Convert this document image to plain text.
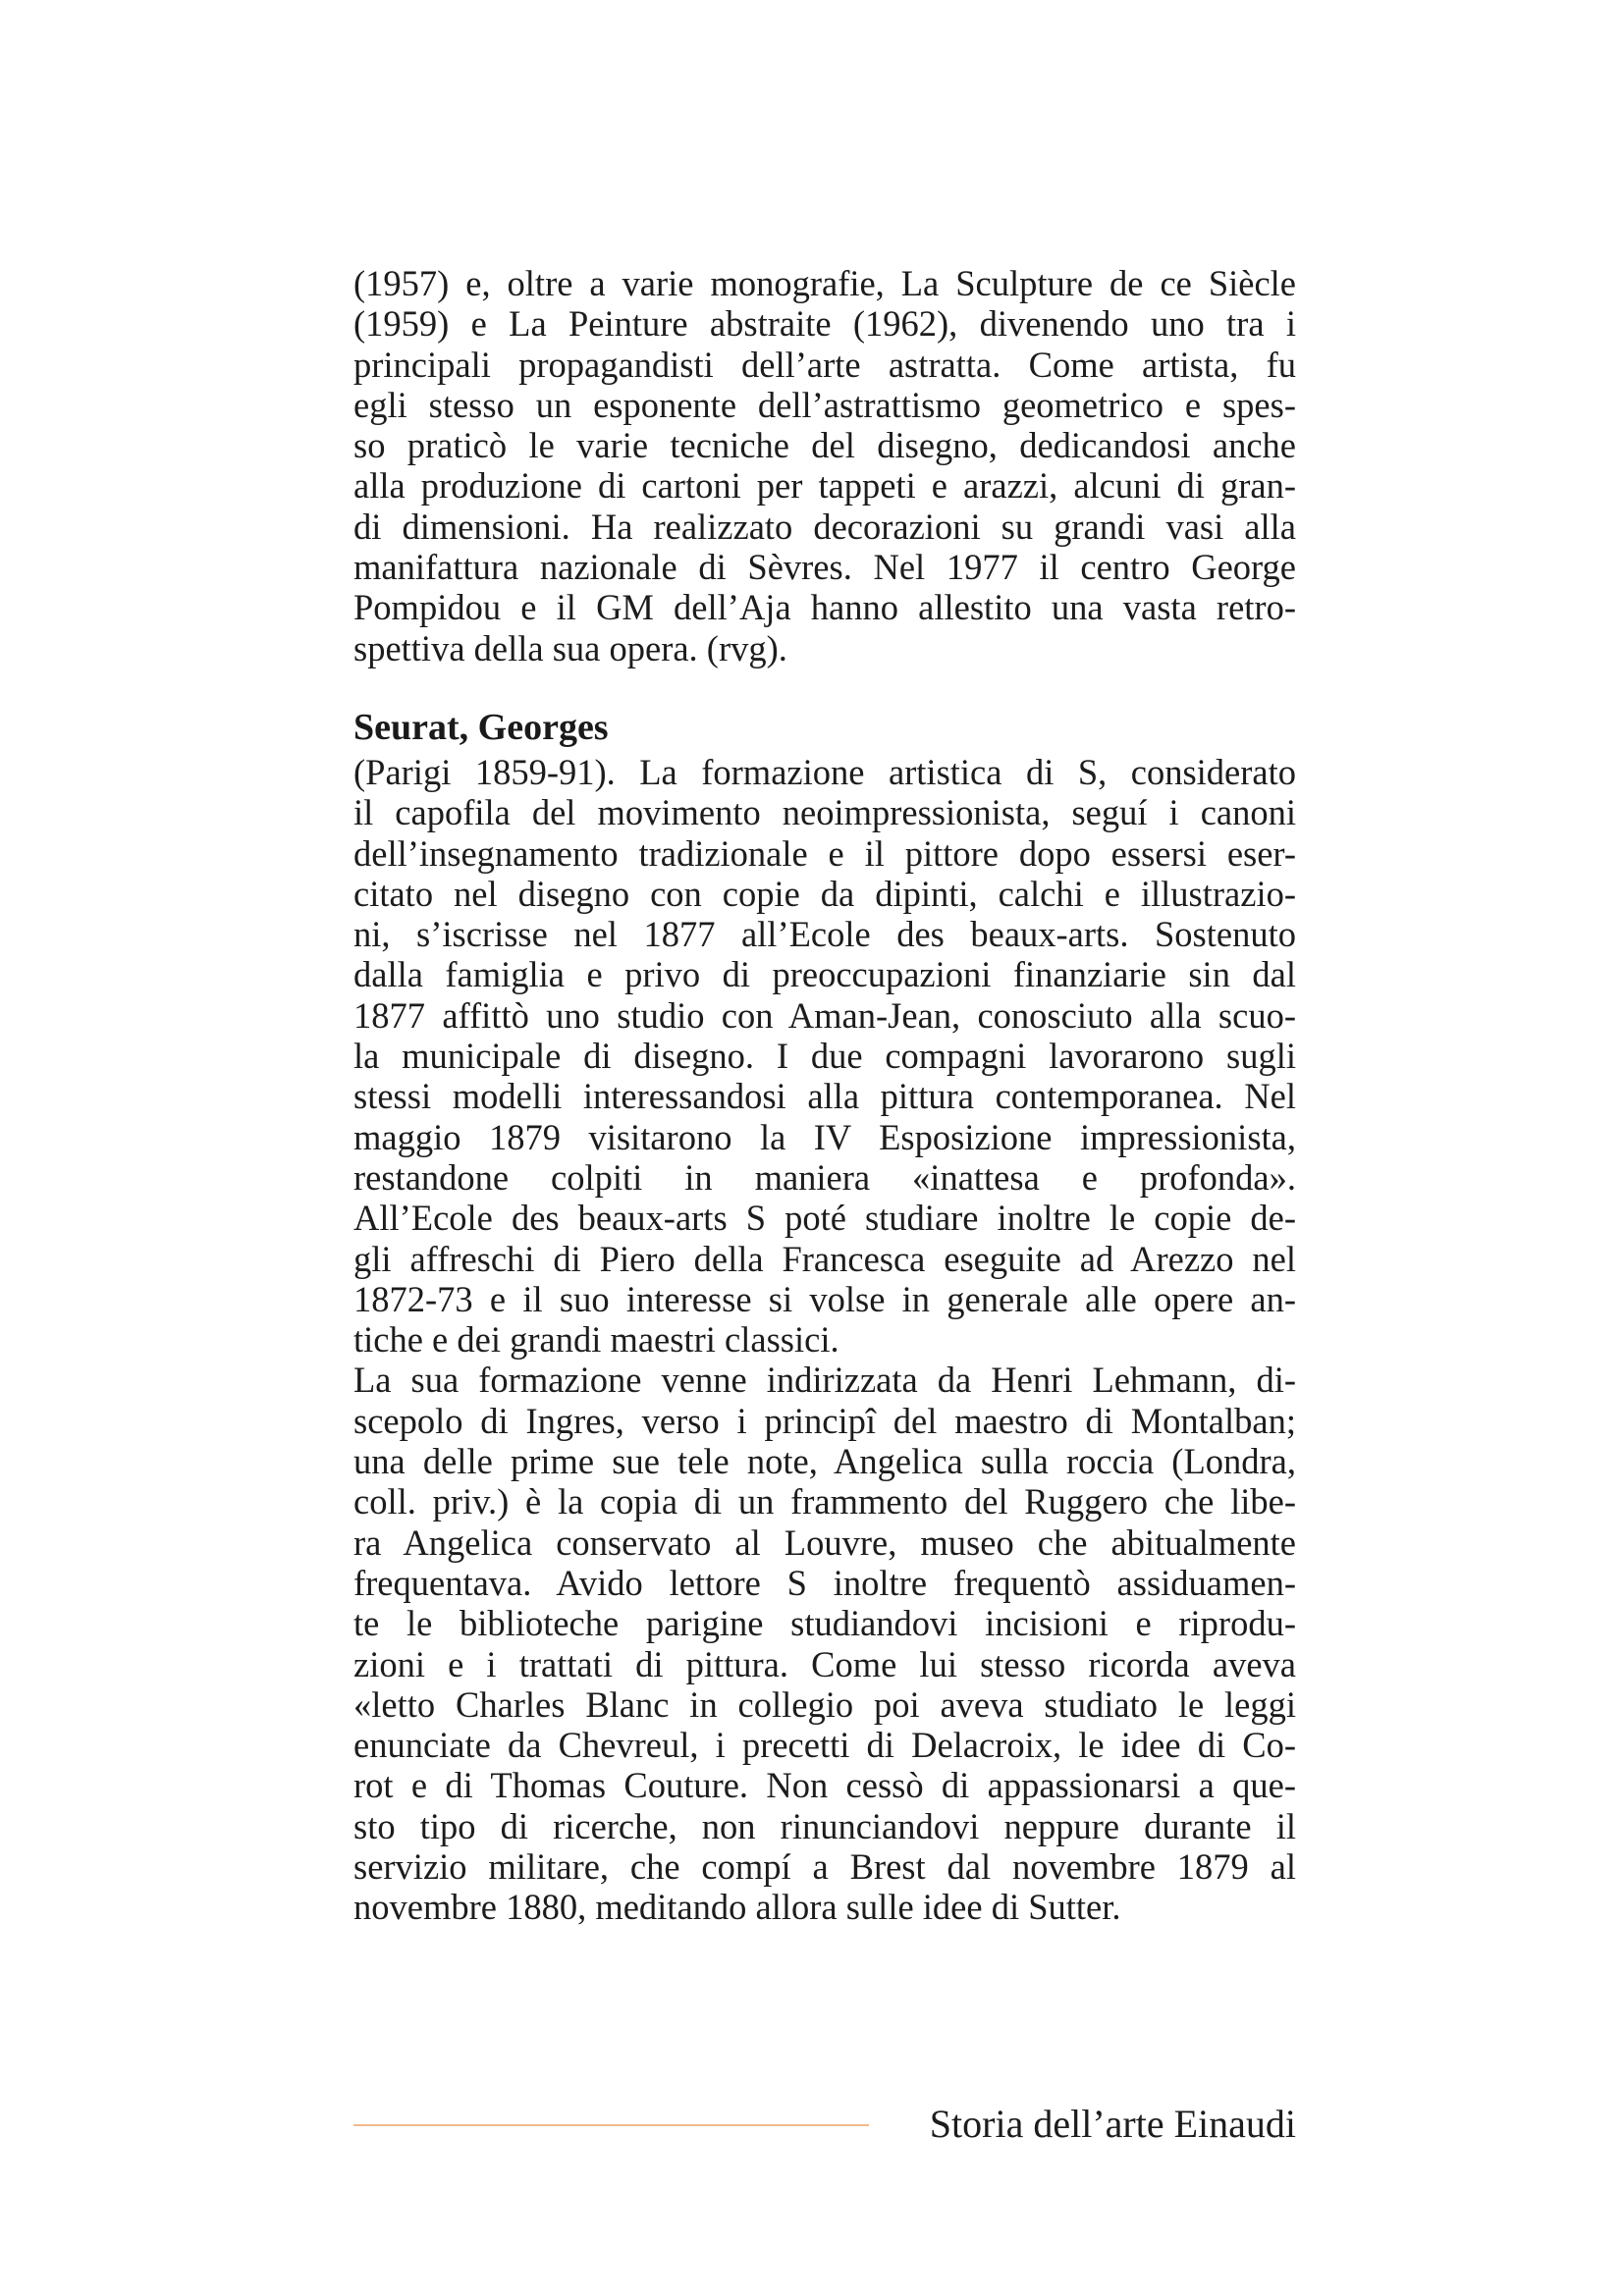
(1957) e, oltre a varie monografie, La Sculpture de ce Siècle
(1959) e La Peinture abstraite (1962), divenendo uno tra i
principali propagandisti dell’arte astratta. Come artista, fu
egli stesso un esponente dell’astrattismo geometrico e spes-
so praticò le varie tecniche del disegno, dedicandosi anche
alla produzione di cartoni per tappeti e arazzi, alcuni di gran-
di dimensioni. Ha realizzato decorazioni su grandi vasi alla
manifattura nazionale di Sèvres. Nel 1977 il centro George
Pompidou e il GM dell’Aja hanno allestito una vasta retro-
spettiva della sua opera. (rvg).
Seurat, Georges
(Parigi 1859-91). La formazione artistica di S, considerato
il capofila del movimento neoimpressionista, seguí i canoni
dell’insegnamento tradizionale e il pittore dopo essersi eser-
citato nel disegno con copie da dipinti, calchi e illustrazio-
ni, s’iscrisse nel 1877 all’Ecole des beaux-arts. Sostenuto
dalla famiglia e privo di preoccupazioni finanziarie sin dal
1877 affittò uno studio con Aman-Jean, conosciuto alla scuo-
la municipale di disegno. I due compagni lavorarono sugli
stessi modelli interessandosi alla pittura contemporanea. Nel
maggio 1879 visitarono la IV Esposizione impressionista,
restandone colpiti in maniera «inattesa e profonda».
All’Ecole des beaux-arts S poté studiare inoltre le copie de-
gli affreschi di Piero della Francesca eseguite ad Arezzo nel
1872-73 e il suo interesse si volse in generale alle opere an-
tiche e dei grandi maestri classici.
La sua formazione venne indirizzata da Henri Lehmann, di-
scepolo di Ingres, verso i principî del maestro di Montalban;
una delle prime sue tele note, Angelica sulla roccia (Londra,
coll. priv.) è la copia di un frammento del Ruggero che libe-
ra Angelica conservato al Louvre, museo che abitualmente
frequentava. Avido lettore S inoltre frequentò assiduamen-
te le biblioteche parigine studiandovi incisioni e riprodu-
zioni e i trattati di pittura. Come lui stesso ricorda aveva
«letto Charles Blanc in collegio poi aveva studiato le leggi
enunciate da Chevreul, i precetti di Delacroix, le idee di Co-
rot e di Thomas Couture. Non cessò di appassionarsi a que-
sto tipo di ricerche, non rinunciandovi neppure durante il
servizio militare, che compí a Brest dal novembre 1879 al
novembre 1880, meditando allora sulle idee di Sutter.
Storia dell’arte Einaudi
